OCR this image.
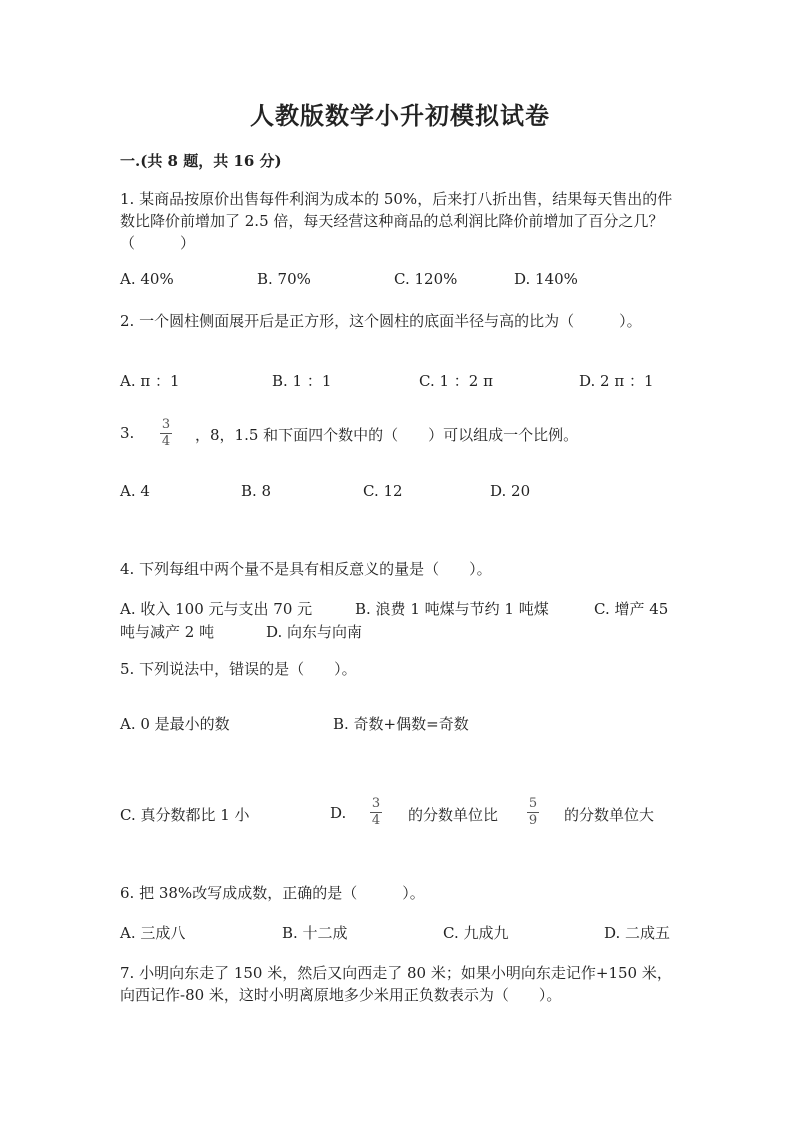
人教版数学小升初模拟试卷
一.(共 8 题，共 16 分)
1. 某商品按原价出售每件利润为成本的 50%，后来打八折出售，结果每天售出的件数比降价前增加了 2.5 倍，每天经营这种商品的总利润比降价前增加了百分之几？（　　　）
A. 40%	B. 70%	C. 120%	D. 140%
2. 一个圆柱侧面展开后是正方形，这个圆柱的底面半径与高的比为（　　　）。
A. π ：1	B. 1 ：1	C. 1 ：2 π	D. 2 π ：1
3. 3
4 ，8，1.5 和下面四个数中的（　　）可以组成一个比例。
A. 4	B. 8	C. 12	D. 20
4. 下列每组中两个量不是具有相反意义的量是（　　）。
A. 收入 100 元与支出 70 元	B. 浪费 1 吨煤与节约 1 吨煤	C. 增产 45
吨与减产 2 吨	D. 向东与向南
5. 下列说法中，错误的是（　　）。
A. 0 是最小的数	B. 奇数+偶数=奇数
C. 真分数都比 1 小	D.
3
4 的分数单位比
5
9 的分数单位大
6. 把 38%改写成成数，正确的是（　　　）。
A. 三成八	B. 十二成	C. 九成九	D. 二成五
7. 小明向东走了 150 米，然后又向西走了 80 米；如果小明向东走记作+150 米，向西记作-80 米，这时小明离原地多少米用正负数表示为（　　）。
